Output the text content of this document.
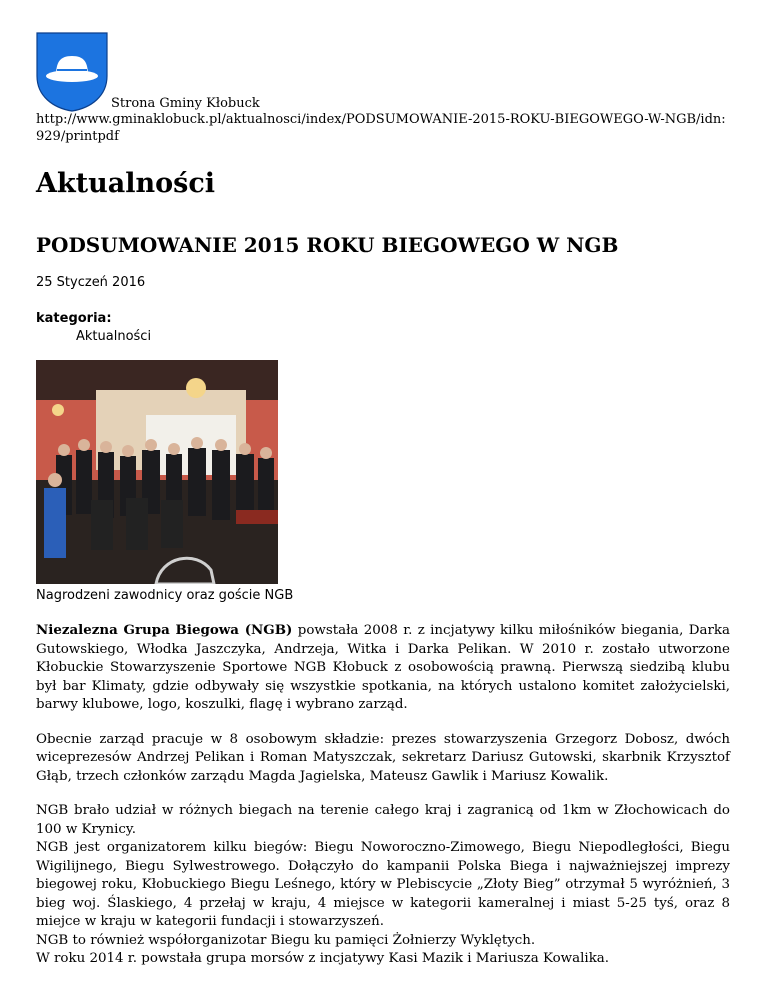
Strona Gminy Kłobuck
http://www.gminaklobuck.pl/aktualnosci/index/PODSUMOWANIE-2015-ROKU-BIEGOWEGO-W-NGB/idn:929/printpdf
Aktualności
PODSUMOWANIE 2015 ROKU BIEGOWEGO W NGB
25 Styczeń 2016
kategoria:
Aktualności
Nagrodzeni zawodnicy oraz goście NGB
Niezalezna Grupa Biegowa (NGB) powstała 2008 r. z incjatywy kilku miłośników biegania, Darka Gutowskiego, Włodka Jaszczyka, Andrzeja, Witka i Darka Pelikan. W 2010 r. zostało utworzone Kłobuckie Stowarzyszenie Sportowe NGB Kłobuck z osobowością prawną. Pierwszą siedzibą klubu był bar Klimaty, gdzie odbywały się wszystkie spotkania, na których ustalono komitet założycielski, barwy klubowe, logo, koszulki, flagę i wybrano zarząd.
Obecnie zarząd pracuje w 8 osobowym składzie: prezes stowarzyszenia Grzegorz Dobosz, dwóch wiceprezesów Andrzej Pelikan i Roman Matyszczak, sekretarz Dariusz Gutowski, skarbnik Krzysztof Głąb, trzech członków zarządu Magda Jagielska, Mateusz Gawlik i Mariusz Kowalik.
NGB brało udział w różnych biegach na terenie całego kraj i zagranicą od 1km w Złochowicach do 100 w Krynicy.
NGB jest organizatorem kilku biegów: Biegu Noworoczno-Zimowego, Biegu Niepodległości, Biegu Wigilijnego, Biegu Sylwestrowego. Dołączyło do kampanii Polska Biega i najważniejszej imprezy biegowej roku, Kłobuckiego Biegu Leśnego, który w Plebiscycie „Złoty Bieg” otrzymał 5 wyróżnień, 3 bieg woj. Ślaskiego, 4 przełaj w kraju, 4 miejsce w kategorii kameralnej i miast 5-25 tyś, oraz 8 miejce w kraju w kategorii fundacji i stowarzyszeń.
NGB to również współorganizotar Biegu ku pamięci Żołnierzy Wyklętych.
W roku 2014 r. powstała grupa morsów z incjatywy Kasi Mazik i Mariusza Kowalika.
